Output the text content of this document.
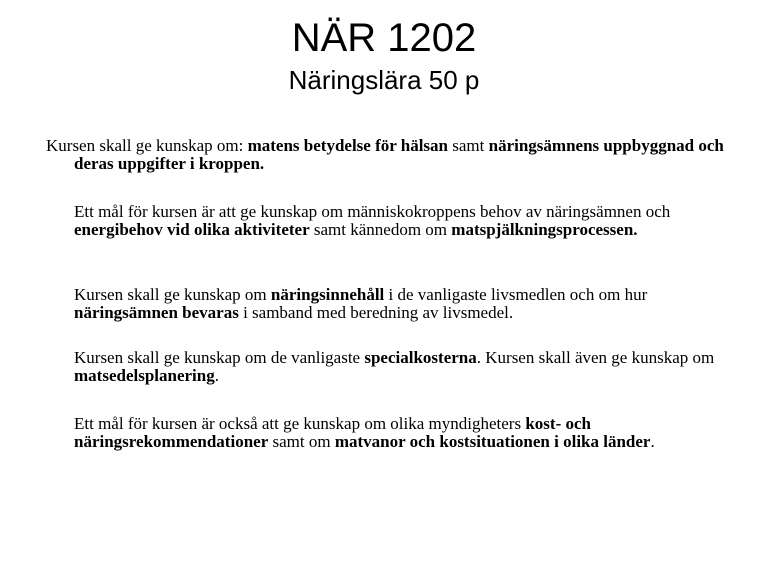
NÄR 1202
Näringslära 50 p

Kursen skall ge kunskap om: matens betydelse för hälsan samt näringsämnens uppbyggnad och deras uppgifter i kroppen.

Ett mål för kursen är att ge kunskap om människokroppens behov av näringsämnen och energibehov vid olika aktiviteter samt kännedom om matspjälkningsprocessen.

Kursen skall ge kunskap om näringsinnehåll i de vanligaste livsmedlen och om hur näringsämnen bevaras i samband med beredning av livsmedel.

Kursen skall ge kunskap om de vanligaste specialkosterna. Kursen skall även ge kunskap om matsedelsplanering.

Ett mål för kursen är också att ge kunskap om olika myndigheters kost- och näringsrekommendationer samt om matvanor och kostsituationen i olika länder.
